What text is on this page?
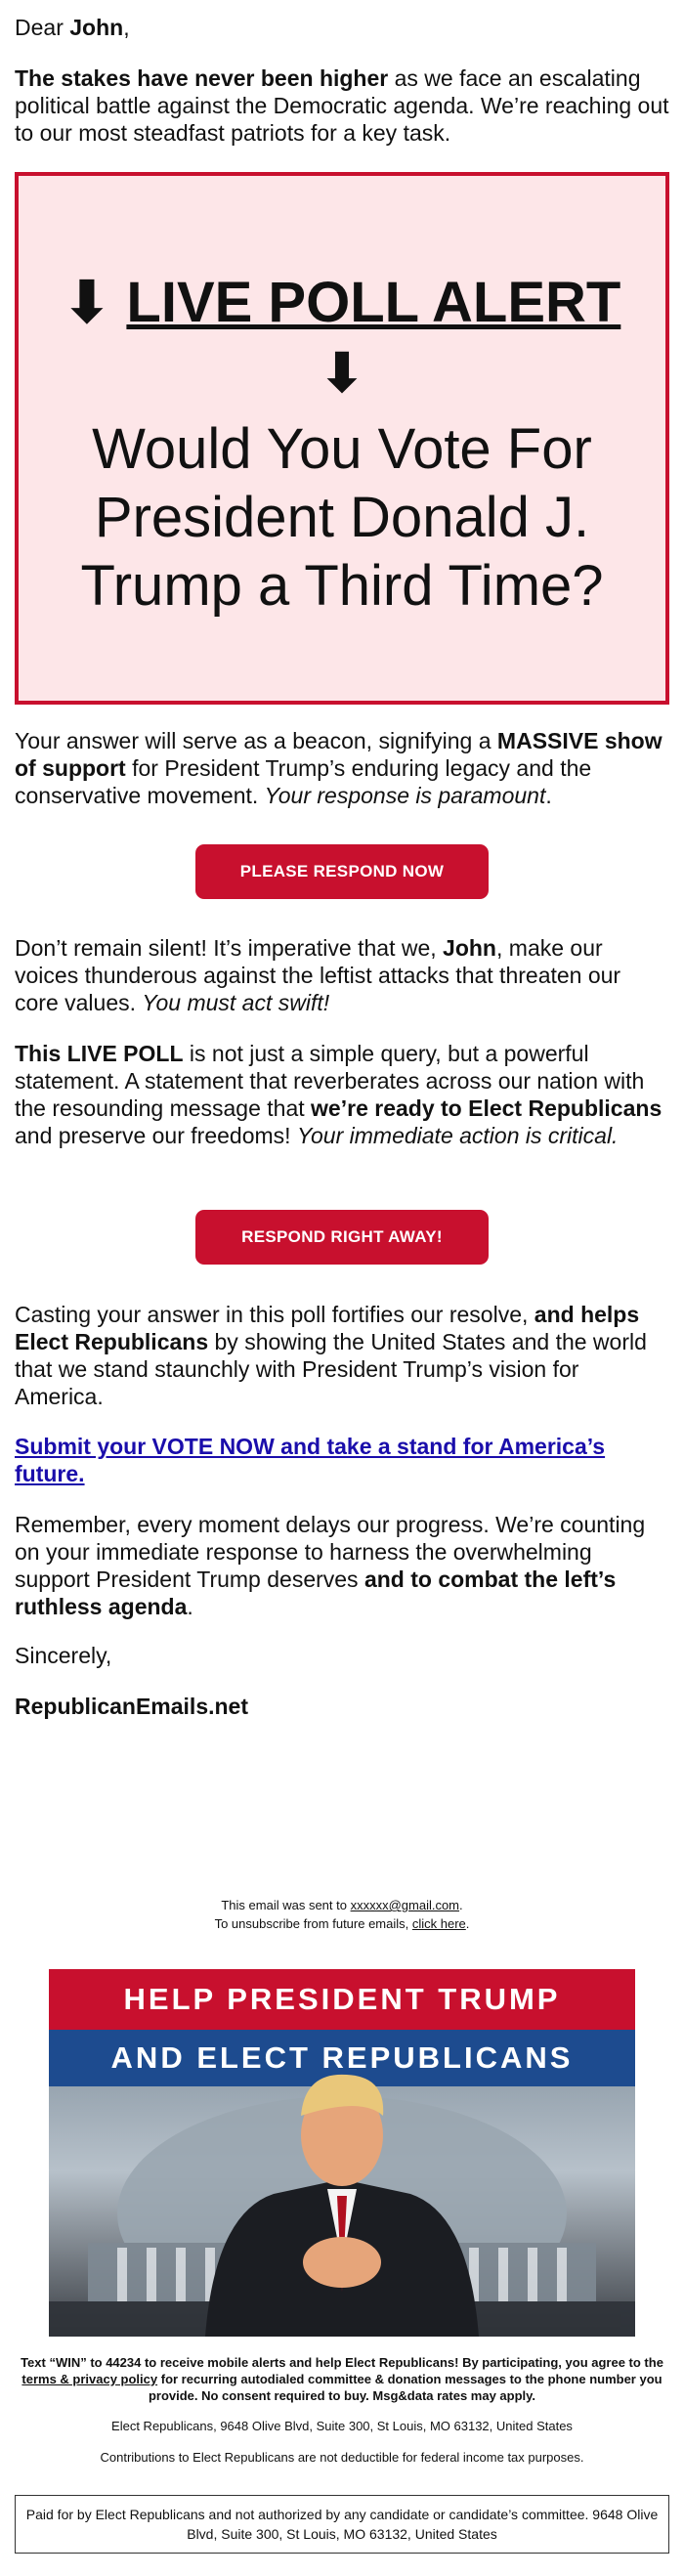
Dear John,

The stakes have never been higher as we face an escalating political battle against the Democratic agenda. We’re reaching out to our most steadfast patriots for a key task.

⬇ LIVE POLL ALERT
⬇
Would You Vote For President Donald J. Trump a Third Time?

Your answer will serve as a beacon, signifying a MASSIVE show of support for President Trump’s enduring legacy and the conservative movement. Your response is paramount.

PLEASE RESPOND NOW

Don’t remain silent! It’s imperative that we, John, make our voices thunderous against the leftist attacks that threaten our core values. You must act swift!

This LIVE POLL is not just a simple query, but a powerful statement. A statement that reverberates across our nation with the resounding message that we’re ready to Elect Republicans and preserve our freedoms! Your immediate action is critical.

RESPOND RIGHT AWAY!

Casting your answer in this poll fortifies our resolve, and helps Elect Republicans by showing the United States and the world that we stand staunchly with President Trump’s vision for America.

Submit your VOTE NOW and take a stand for America’s future.

Remember, every moment delays our progress. We’re counting on your immediate response to harness the overwhelming support President Trump deserves and to combat the left’s ruthless agenda.

Sincerely,

RepublicanEmails.net

This email was sent to xxxxxx@gmail.com.
To unsubscribe from future emails, click here.
HELP PRESIDENT TRUMP
AND ELECT REPUBLICANS
Text “WIN” to 44234 to receive mobile alerts and help Elect Republicans! By participating, you agree to the terms & privacy policy for recurring autodialed committee & donation messages to the phone number you provide. No consent required to buy. Msg&data rates may apply.
Elect Republicans, 9648 Olive Blvd, Suite 300, St Louis, MO 63132, United States
Contributions to Elect Republicans are not deductible for federal income tax purposes.
Paid for by Elect Republicans and not authorized by any candidate or candidate’s committee. 9648 Olive Blvd, Suite 300, St Louis, MO 63132, United States
